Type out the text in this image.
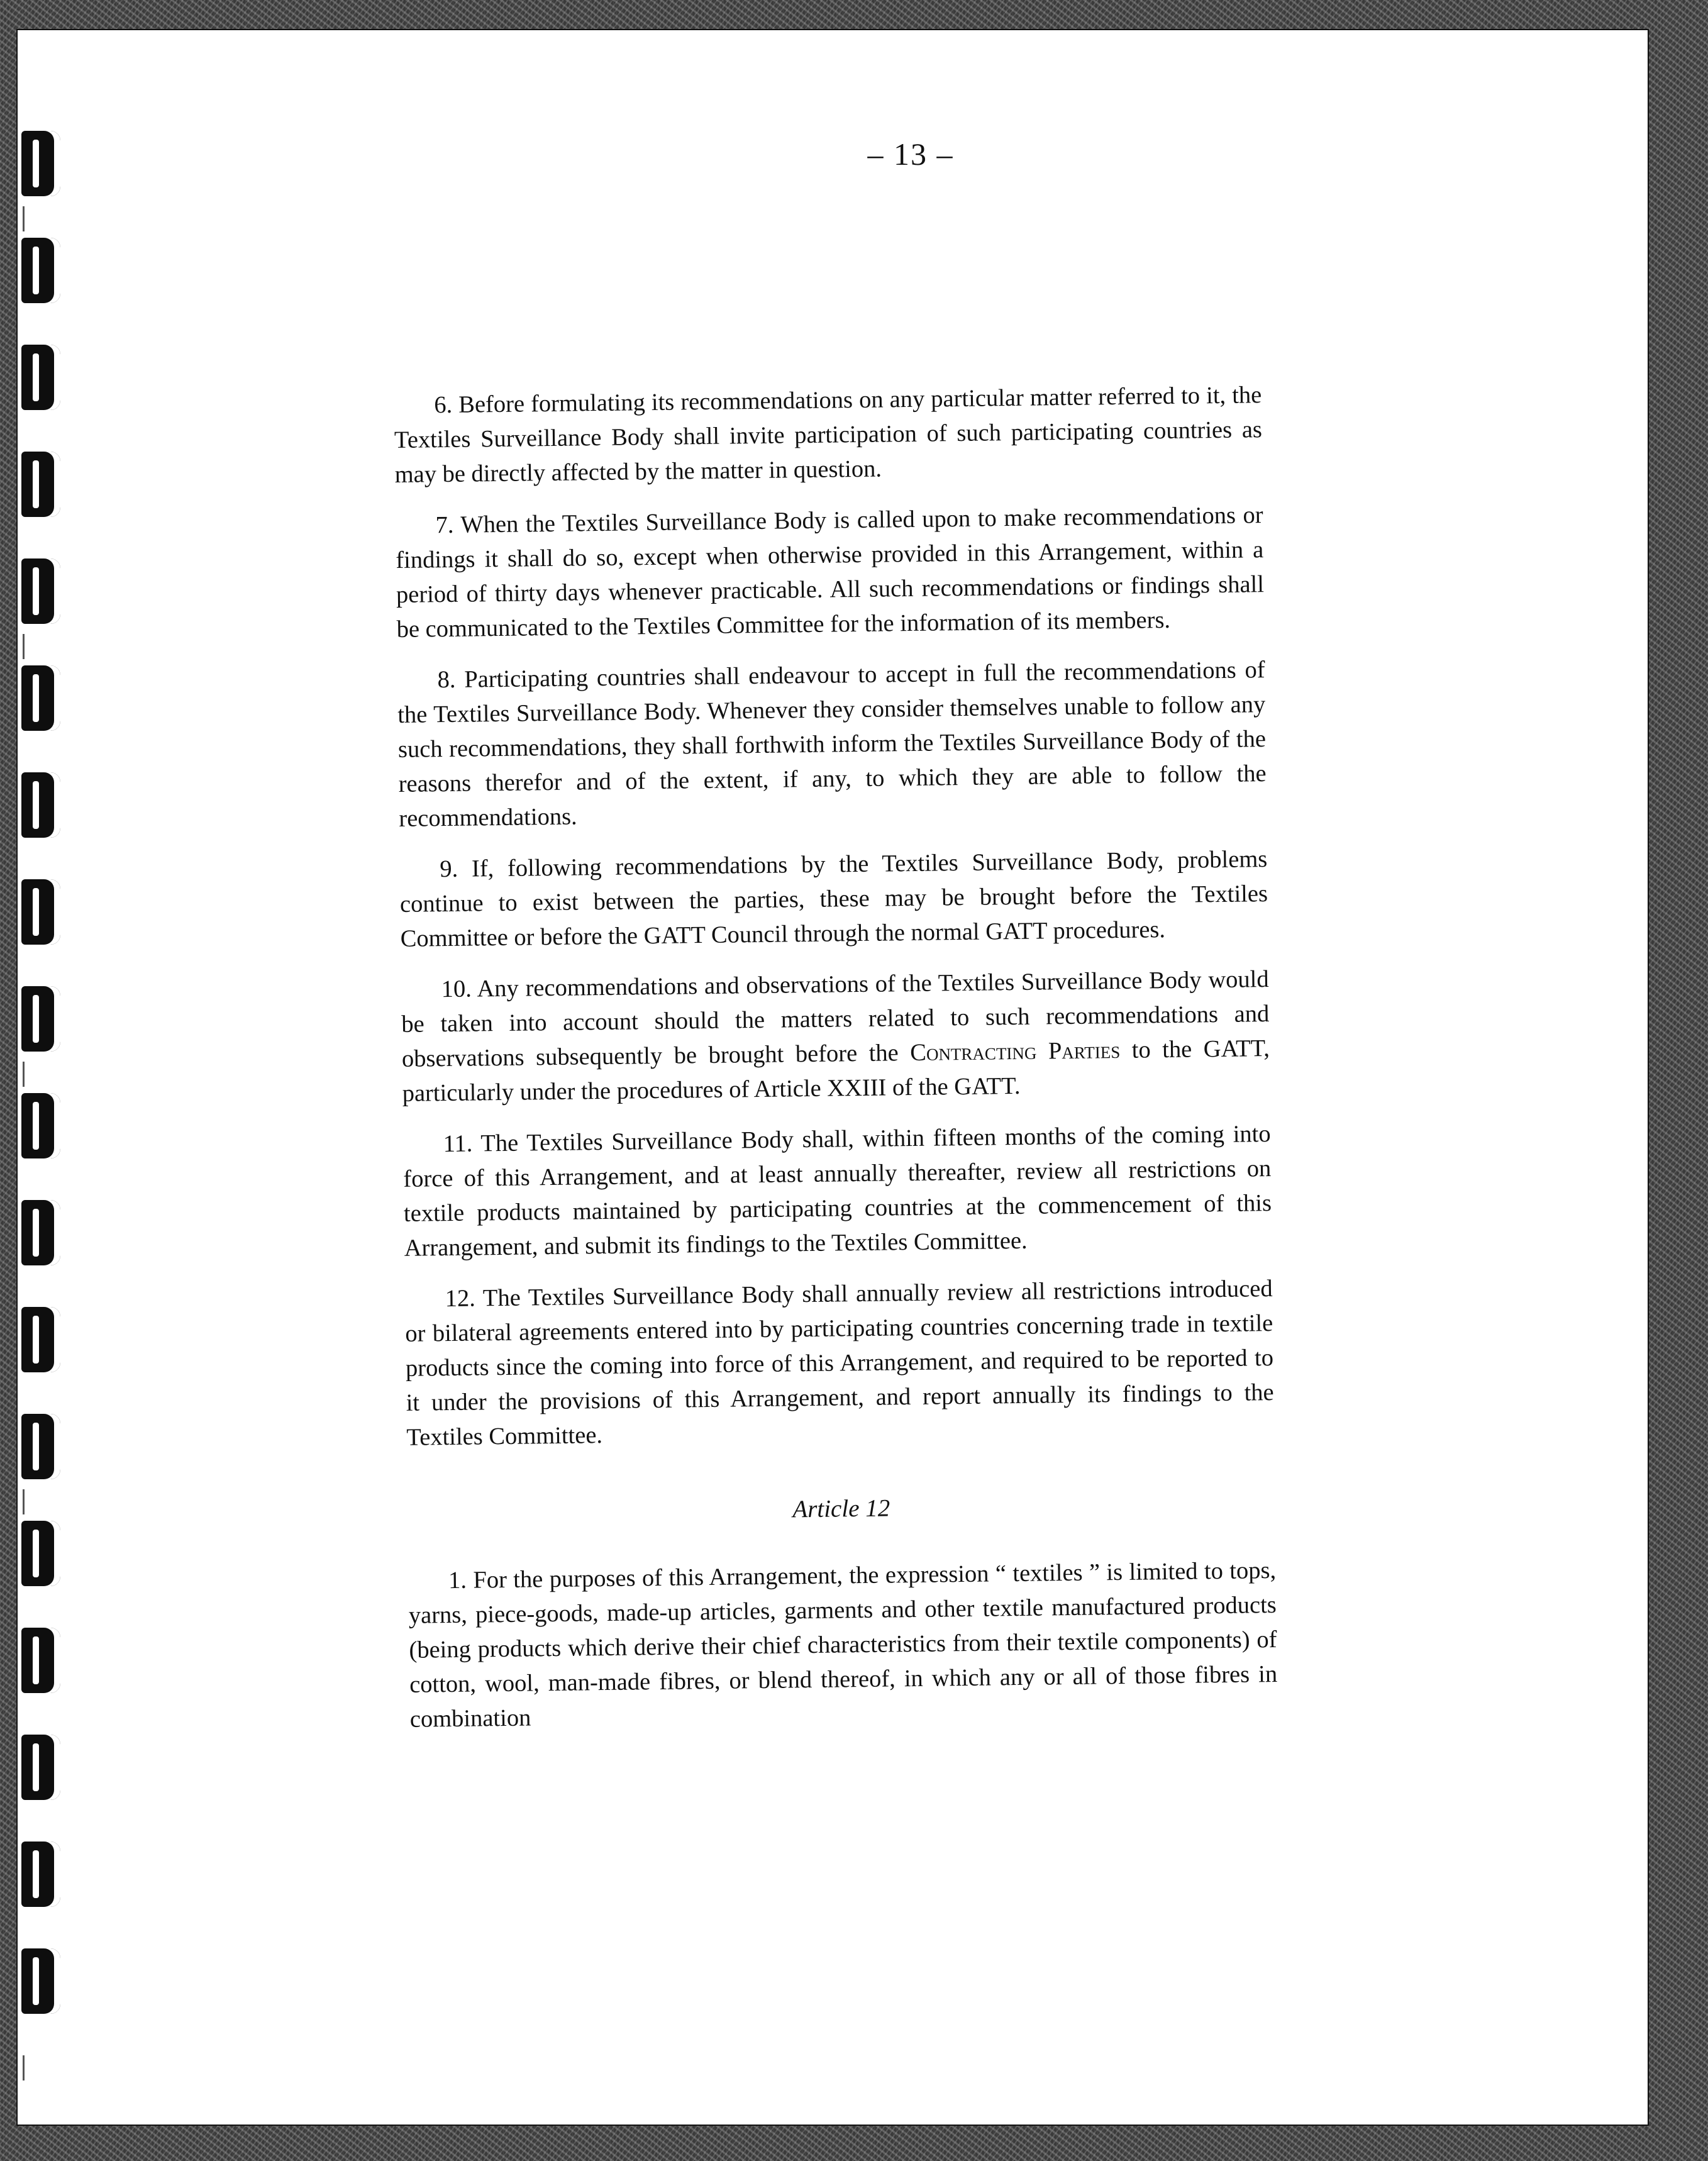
– 13 –

6. Before formulating its recommendations on any particular matter referred to it, the Textiles Surveillance Body shall invite participation of such participating countries as may be directly affected by the matter in question.

7. When the Textiles Surveillance Body is called upon to make recommendations or findings it shall do so, except when otherwise provided in this Arrangement, within a period of thirty days whenever practicable. All such recommendations or findings shall be communicated to the Textiles Committee for the information of its members.

8. Participating countries shall endeavour to accept in full the recommendations of the Textiles Surveillance Body. Whenever they consider themselves unable to follow any such recommendations, they shall forthwith inform the Textiles Surveillance Body of the reasons therefor and of the extent, if any, to which they are able to follow the recommendations.

9. If, following recommendations by the Textiles Surveillance Body, problems continue to exist between the parties, these may be brought before the Textiles Committee or before the GATT Council through the normal GATT procedures.

10. Any recommendations and observations of the Textiles Surveillance Body would be taken into account should the matters related to such recommendations and observations subsequently be brought before the Contracting Parties to the GATT, particularly under the procedures of Article XXIII of the GATT.

11. The Textiles Surveillance Body shall, within fifteen months of the coming into force of this Arrangement, and at least annually thereafter, review all restrictions on textile products maintained by participating countries at the commencement of this Arrangement, and submit its findings to the Textiles Committee.

12. The Textiles Surveillance Body shall annually review all restrictions introduced or bilateral agreements entered into by participating countries concerning trade in textile products since the coming into force of this Arrangement, and required to be reported to it under the provisions of this Arrangement, and report annually its findings to the Textiles Committee.

Article 12

1. For the purposes of this Arrangement, the expression “ textiles ” is limited to tops, yarns, piece-goods, made-up articles, garments and other textile manufactured products (being products which derive their chief characteristics from their textile components) of cotton, wool, man-made fibres, or blend thereof, in which any or all of those fibres in combination
